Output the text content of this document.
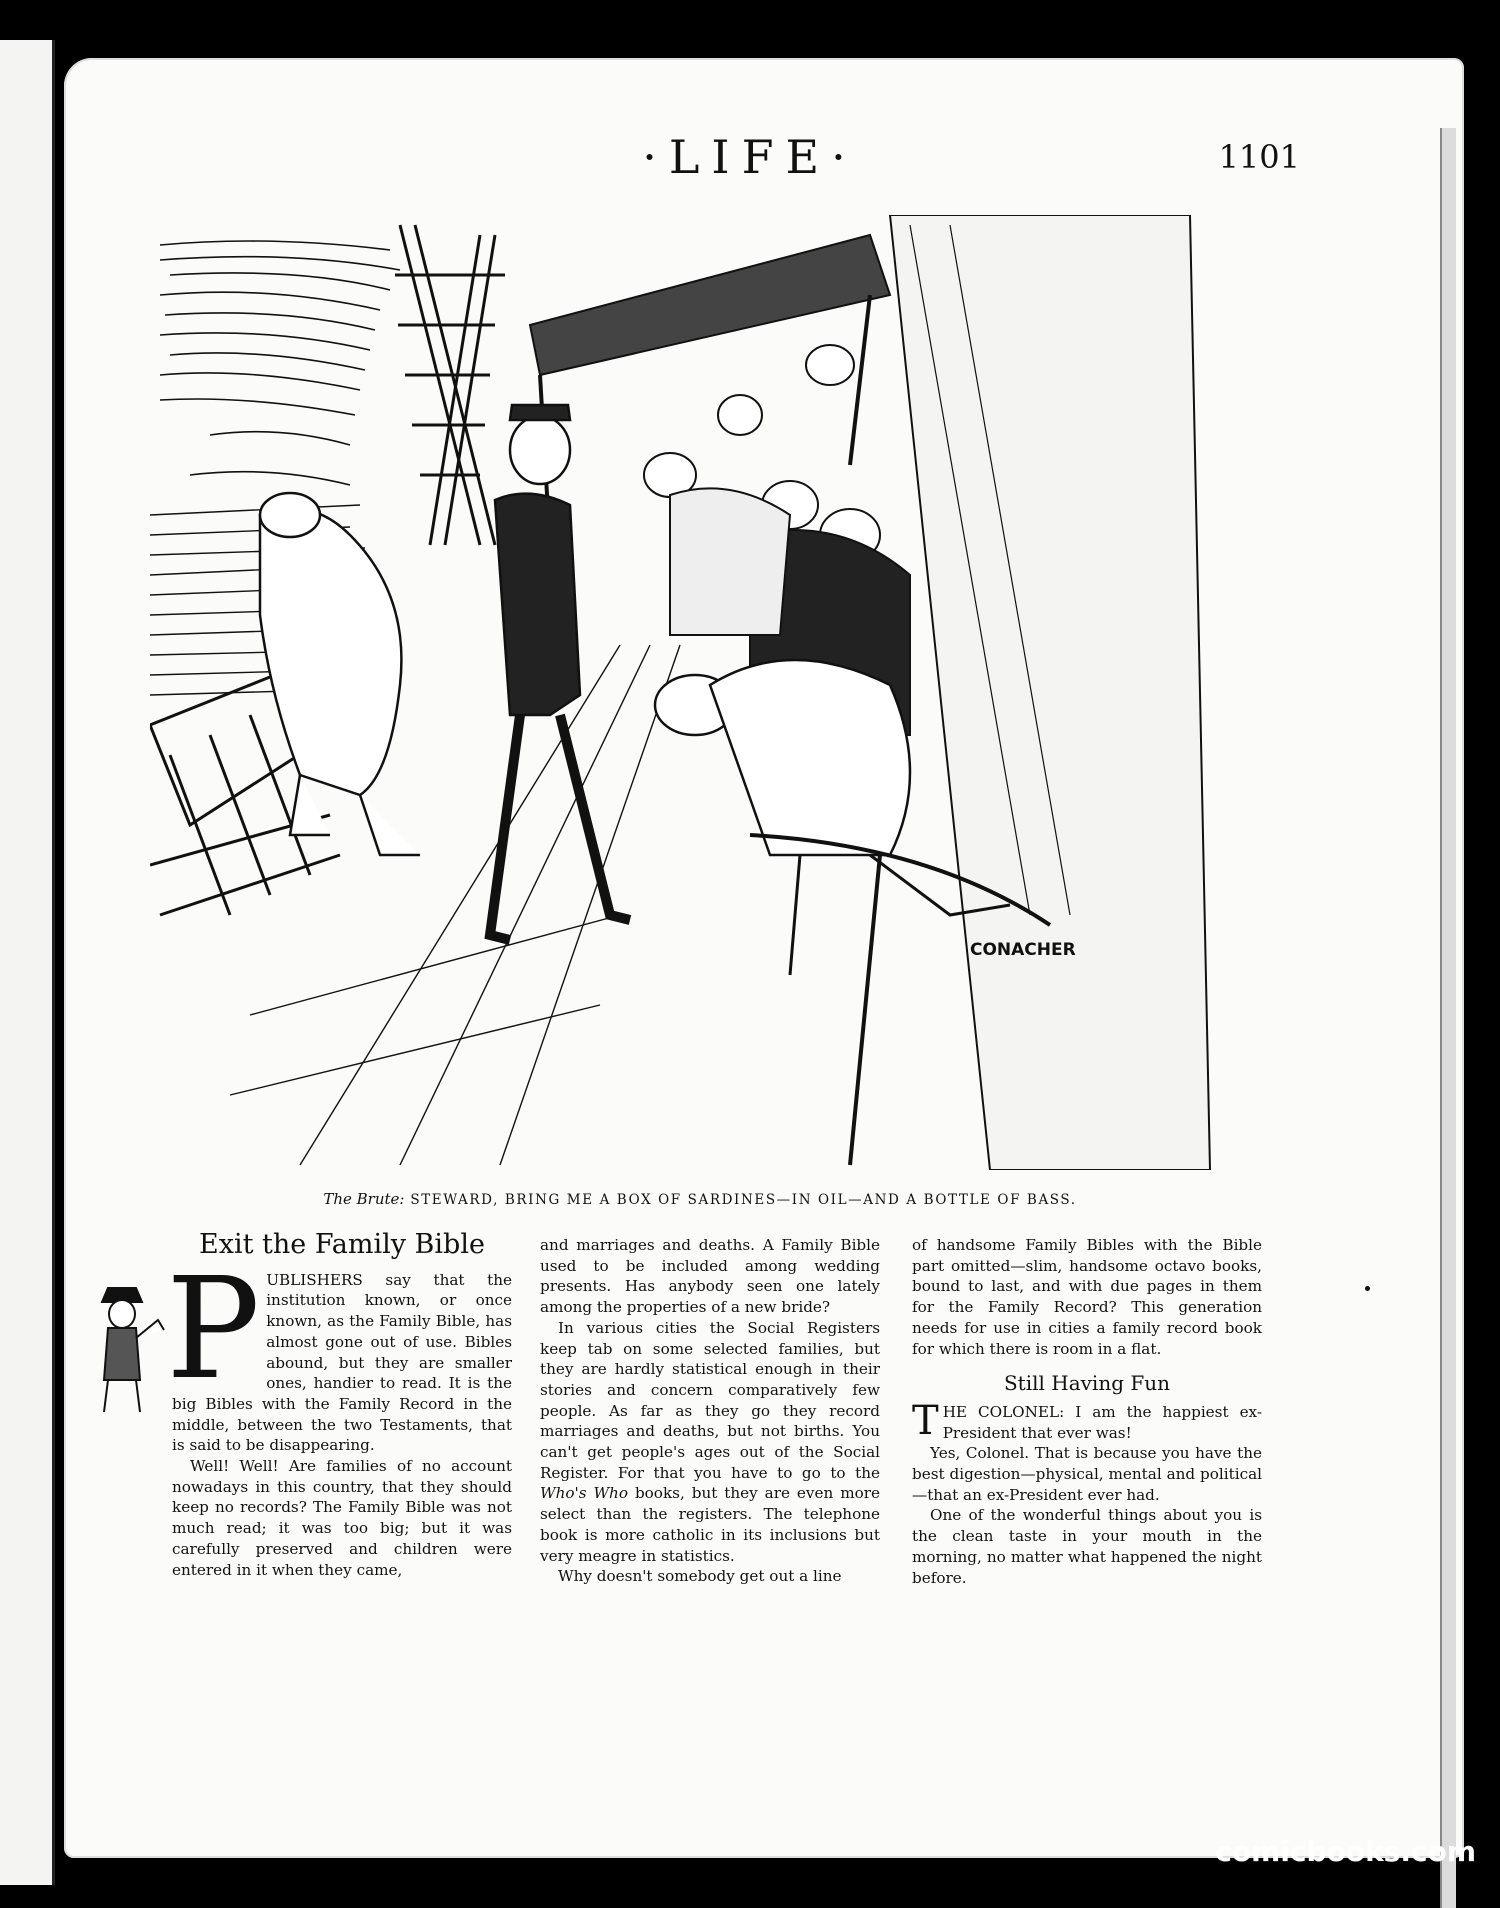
·LIFE·	1101
CONACHER
The Brute: STEWARD, BRING ME A BOX OF SARDINES—IN OIL—AND A BOTTLE OF BASS.
Exit the Family Bible
P UBLISHERS say that the institution known, or once known, as the Family Bible, has almost gone out of use. Bibles abound, but they are smaller ones, handier to read. It is the big Bibles with the Family Record in the middle, between the two Testaments, that is said to be disappearing.

Well! Well! Are families of no account nowadays in this country, that they should keep no records? The Family Bible was not much read; it was too big; but it was carefully preserved and children were entered in it when they came,

and marriages and deaths. A Family Bible used to be included among wedding presents. Has anybody seen one lately among the properties of a new bride?

In various cities the Social Registers keep tab on some selected families, but they are hardly statistical enough in their stories and concern comparatively few people. As far as they go they record marriages and deaths, but not births. You can't get people's ages out of the Social Register. For that you have to go to the Who's Who books, but they are even more select than the registers. The telephone book is more catholic in its inclusions but very meagre in statistics.

Why doesn't somebody get out a line

of handsome Family Bibles with the Bible part omitted—slim, handsome octavo books, bound to last, and with due pages in them for the Family Record? This generation needs for use in cities a family record book for which there is room in a flat.

Still Having Fun

THE COLONEL: I am the happiest ex-President that ever was!

Yes, Colonel. That is because you have the best digestion—physical, mental and political—that an ex-President ever had.

One of the wonderful things about you is the clean taste in your mouth in the morning, no matter what happened the night before.

comicbooks.com
